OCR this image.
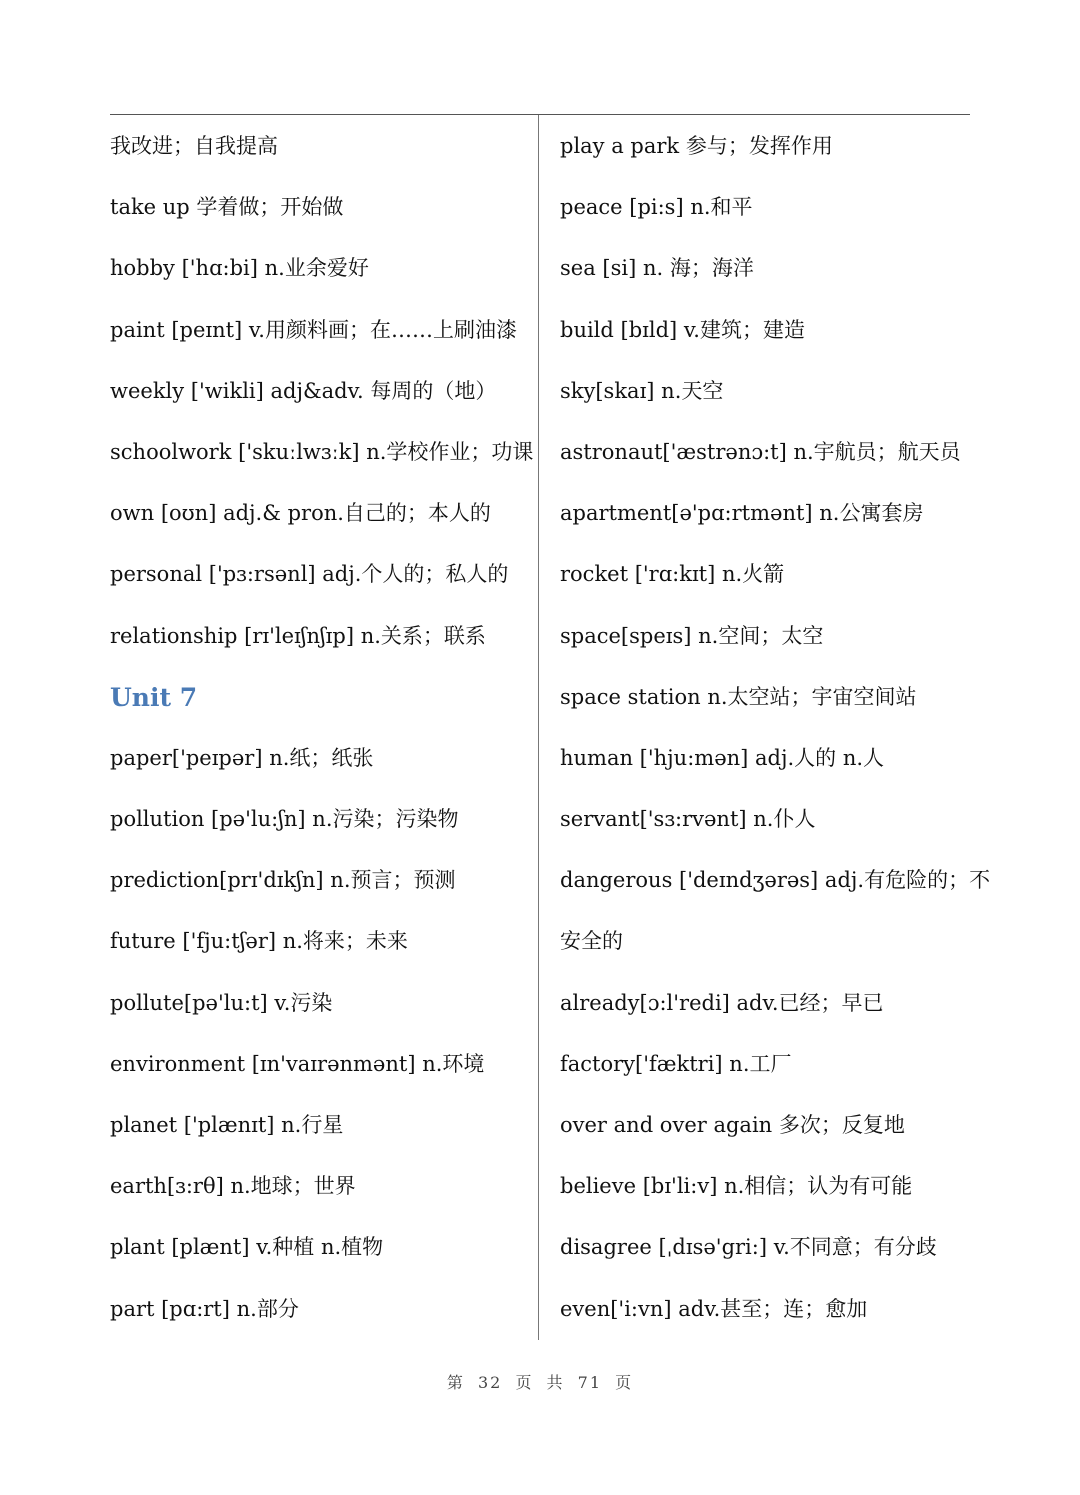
我改进；自我提高
take up 学着做；开始做
hobby ['hɑ:bi] n.业余爱好
paint [peɪnt] v.用颜料画；在……上刷油漆
weekly ['wikli] adj&adv. 每周的（地）
schoolwork ['skuːlwɜːk] n.学校作业；功课
own [oʊn] adj.& pron.自己的；本人的
personal ['pɜ:rsənl] adj.个人的；私人的
relationship [rɪ'leɪʃnʃɪp] n.关系；联系
Unit 7
paper['peɪpər] n.纸；纸张
pollution [pə'lu:ʃn] n.污染；污染物
prediction[prɪ'dɪkʃn] n.预言；预测
future ['fju:tʃər] n.将来；未来
pollute[pə'lu:t] v.污染
environment [ɪn'vaɪrənmənt] n.环境
planet ['plænɪt] n.行星
earth[ɜ:rθ] n.地球；世界
plant [plænt] v.种植 n.植物
part [pɑ:rt] n.部分
play a park 参与；发挥作用
peace [pi:s] n.和平
sea [si] n. 海；海洋
build [bɪld] v.建筑；建造
sky[skaɪ] n.天空
astronaut['æstrənɔ:t] n.宇航员；航天员
apartment[ə'pɑ:rtmənt] n.公寓套房
rocket ['rɑ:kɪt] n.火箭
space[speɪs] n.空间；太空
space station n.太空站；宇宙空间站
human ['hju:mən] adj.人的 n.人
servant['sɜ:rvənt] n.仆人
dangerous ['deɪndʒərəs] adj.有危险的；不
安全的
already[ɔ:l'redi] adv.已经；早已
factory['fæktri] n.工厂
over and over again 多次；反复地
believe [bɪ'li:v] n.相信；认为有可能
disagree [ˌdɪsə'gri:] v.不同意；有分歧
even['i:vn] adv.甚至；连；愈加
第 32 页 共 71 页
